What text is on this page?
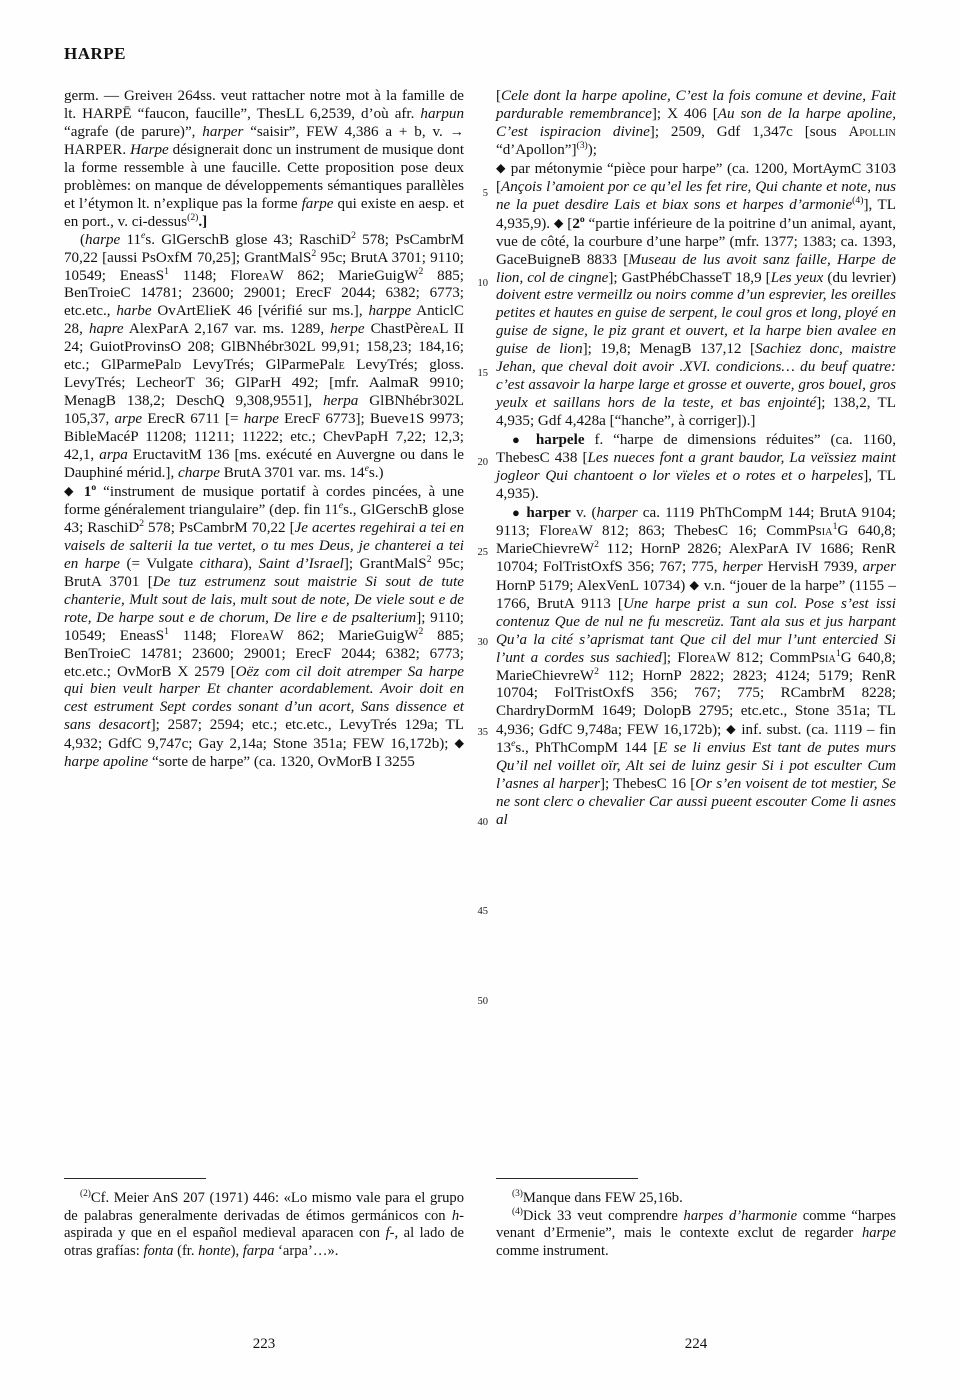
HARPE

germ. — Greiveh 264ss. veut rattacher notre mot à la famille de lt. HARPĒ “faucon, faucille”, ThesLL 6,2539, d’où afr. harpun “agrafe (de parure)”, harper “saisir”, FEW 4,386 a + b, v. → HARPER. Harpe désignerait donc un instrument de musique dont la forme ressemble à une faucille. Cette proposition pose deux problèmes: on manque de développements sémantiques parallèles et l’étymon lt. n’explique pas la forme farpe qui existe en aesp. et en port., v. ci-dessus$^{(2)}$.]

(harpe 11es. GlGerschB glose 43; RaschiD$^2$ 578; PsCambrM 70,22 [aussi PsOxfM 70,25]; GrantMalS$^2$ 95c; BrutA 3701; 9110; 10549; EneasS$^1$ 1148; FloreaW 862; MarieGuigW$^2$ 885; BenTroieC 14781; 23600; 29001; ErecF 2044; 6382; 6773; etc.etc., harbe OvArtElieK 46 [vérifié sur ms.], harppe AnticlC 28, hapre AlexParA 2,167 var. ms. 1289, herpe ChastPèreaL II 24; GuiotProvinsO 208; GlBNhébr302L 99,91; 158,23; 184,16; etc.; GlParmePald LevyTrés; GlParmePale LevyTrés; gloss. LevyTrés; LecheorT 36; GlParH 492; [mfr. AalmaR 9910; MenagB 138,2; DeschQ 9,308,9551], herpa GlBNhébr302L 105,37, arpe ErecR 6711 [= harpe ErecF 6773]; Bueve1S 9973; BibleMacéP 11208; 11211; 11222; etc.; ChevPapH 7,22; 12,3; 42,1, arpa EructavitM 136 [ms. exécuté en Auvergne ou dans le Dauphiné mérid.], charpe BrutA 3701 var. ms. 14es.)

◆ 1$^o$ “instrument de musique portatif à cordes pincées, à une forme généralement triangulaire” (dep. fin 11es., GlGerschB glose 43; RaschiD$^2$ 578; PsCambrM 70,22 [Je acertes regehirai a tei en vaisels de salterii la tue vertet, o tu mes Deus, je chanterei a tei en harpe (= Vulgate cithara), Saint d’Israel]; GrantMalS$^2$ 95c; BrutA 3701 [De tuz estrumenz sout maistrie Si sout de tute chanterie, Mult sout de lais, mult sout de note, De viele sout e de rote, De harpe sout e de chorum, De lire e de psalterium]; 9110; 10549; EneasS$^1$ 1148; FloreaW 862; MarieGuigW$^2$ 885; BenTroieC 14781; 23600; 29001; ErecF 2044; 6382; 6773; etc.etc.; OvMorB X 2579 [Oëz com cil doit atremper Sa harpe qui bien veult harper Et chanter acordablement. Avoir doit en cest estrument Sept cordes sonant d’un acort, Sans dissence et sans desacort]; 2587; 2594; etc.; etc.etc., LevyTrés 129a; TL 4,932; GdfC 9,747c; Gay 2,14a; Stone 351a; FEW 16,172b); ◆ harpe apoline “sorte de harpe” (ca. 1320, OvMorB I 3255

[Cele dont la harpe apoline, C’est la fois comune et devine, Fait pardurable remembrance]; X 406 [Au son de la harpe apoline, C’est ispiracion divine]; 2509, Gdf 1,347c [sous Apollin “d’Apollon”]$^{(3)}$);

◆ par métonymie “pièce pour harpe” (ca. 1200, MortAymC 3103 [Ançois l’amoient por ce qu’el les fet rire, Qui chante et note, nus ne la puet desdire Lais et biax sons et harpes d’armonie$^{(4)}$], TL 4,935,9). ◆ [2$^o$ “partie inférieure de la poitrine d’un animal, ayant, vue de côté, la courbure d’une harpe” (mfr. 1377; 1383; ca. 1393, GaceBuigneB 8833 [Museau de lus avoit sanz faille, Harpe de lion, col de cingne]; GastPhébChasseT 18,9 [Les yeux (du levrier) doivent estre vermeillz ou noirs comme d’un esprevier, les oreilles petites et hautes en guise de serpent, le coul gros et long, ployé en guise de signe, le piz grant et ouvert, et la harpe bien avalee en guise de lion]; 19,8; MenagB 137,12 [Sachiez donc, maistre Jehan, que cheval doit avoir .XVI. condicions… du beuf quatre: c’est assavoir la harpe large et grosse et ouverte, gros bouel, gros yeulx et saillans hors de la teste, et bas enjointé]; 138,2, TL 4,935; Gdf 4,428a [“hanche”, à corriger]).]

● harpele f. “harpe de dimensions réduites” (ca. 1160, ThebesC 438 [Les nueces font a grant baudor, La veïssiez maint jogleor Qui chantoent o lor vïeles et o rotes et o harpeles], TL 4,935).

● harper v. (harper ca. 1119 PhThCompM 144; BrutA 9104; 9113; FloreaW 812; 863; ThebesC 16; CommPsia$^1$G 640,8; MarieChievreW$^2$ 112; HornP 2826; AlexParA IV 1686; RenR 10704; FolTristOxfS 356; 767; 775, herper HervisH 7939, arper HornP 5179; AlexVenL 10734) ◆ v.n. “jouer de la harpe” (1155 – 1766, BrutA 9113 [Une harpe prist a sun col. Pose s’est issi contenuz Que de nul ne fu mescreüz. Tant ala sus et jus harpant Qu’a la cité s’aprismat tant Que cil del mur l’unt entercied Si l’unt a cordes sus sachied]; FloreaW 812; CommPsia$^1$G 640,8; MarieChievreW$^2$ 112; HornP 2822; 2823; 4124; 5179; RenR 10704; FolTristOxfS 356; 767; 775; RCambrM 8228; ChardryDormM 1649; DolopB 2795; etc.etc., Stone 351a; TL 4,936; GdfC 9,748a; FEW 16,172b); ◆ inf. subst. (ca. 1119 – fin 13es., PhThCompM 144 [E se li envius Est tant de putes murs Qu’il nel voillet oïr, Alt sei de luinz gesir Si i pot esculter Cum l’asnes al harper]; ThebesC 16 [Or s’en voisent de tot mestier, Se ne sont clerc o chevalier Car aussi pueent escouter Come li asnes al

5
10
15
20
25
30
35
40
45
50

$^{(2)}$Cf. Meier AnS 207 (1971) 446: «Lo mismo vale para el grupo de palabras generalmente derivadas de étimos germánicos con h- aspirada y que en el español medieval aparacen con f-, al lado de otras grafías: fonta (fr. honte), farpa ‘arpa’…».

$^{(3)}$Manque dans FEW 25,16b.

$^{(4)}$Dick 33 veut comprendre harpes d’harmonie comme “harpes venant d’Ermenie”, mais le contexte exclut de regarder harpe comme instrument.

223	224
